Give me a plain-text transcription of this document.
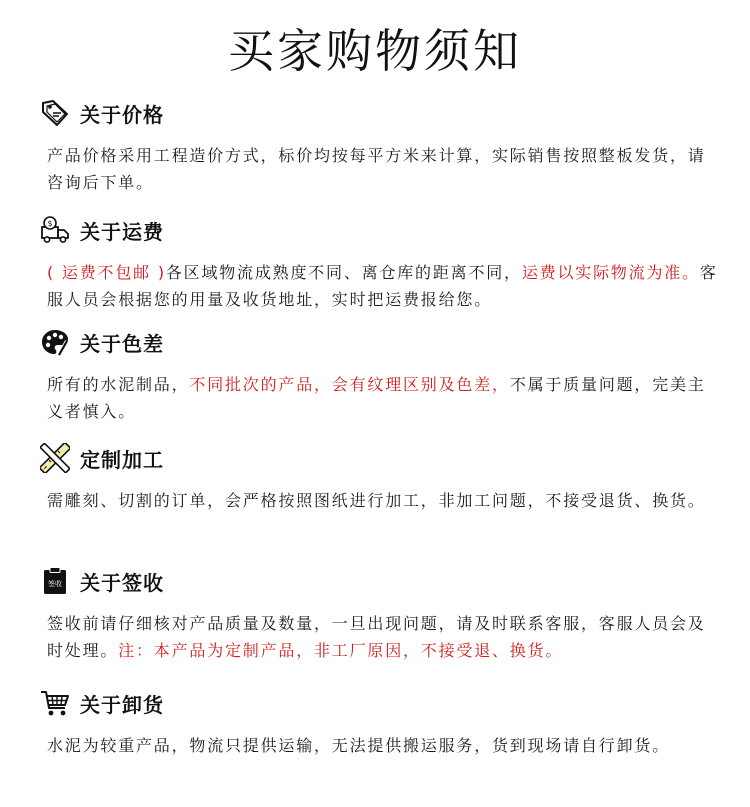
买家购物须知
关于价格
产品价格采用工程造价方式，标价均按每平方米来计算，实际销售按照整板发货，请咨询后下单。
$ 关于运费
( 运费不包邮 )各区域物流成熟度不同、离仓库的距离不同，运费以实际物流为准。客服人员会根据您的用量及收货地址，实时把运费报给您。
关于色差
所有的水泥制品，不同批次的产品，会有纹理区别及色差，不属于质量问题，完美主义者慎入。
定制加工
需雕刻、切割的订单，会严格按照图纸进行加工，非加工问题，不接受退货、换货。
签收 关于签收
签收前请仔细核对产品质量及数量，一旦出现问题，请及时联系客服，客服人员会及时处理。注：本产品为定制产品，非工厂原因，不接受退、换货。
关于卸货
水泥为较重产品，物流只提供运输，无法提供搬运服务，货到现场请自行卸货。
